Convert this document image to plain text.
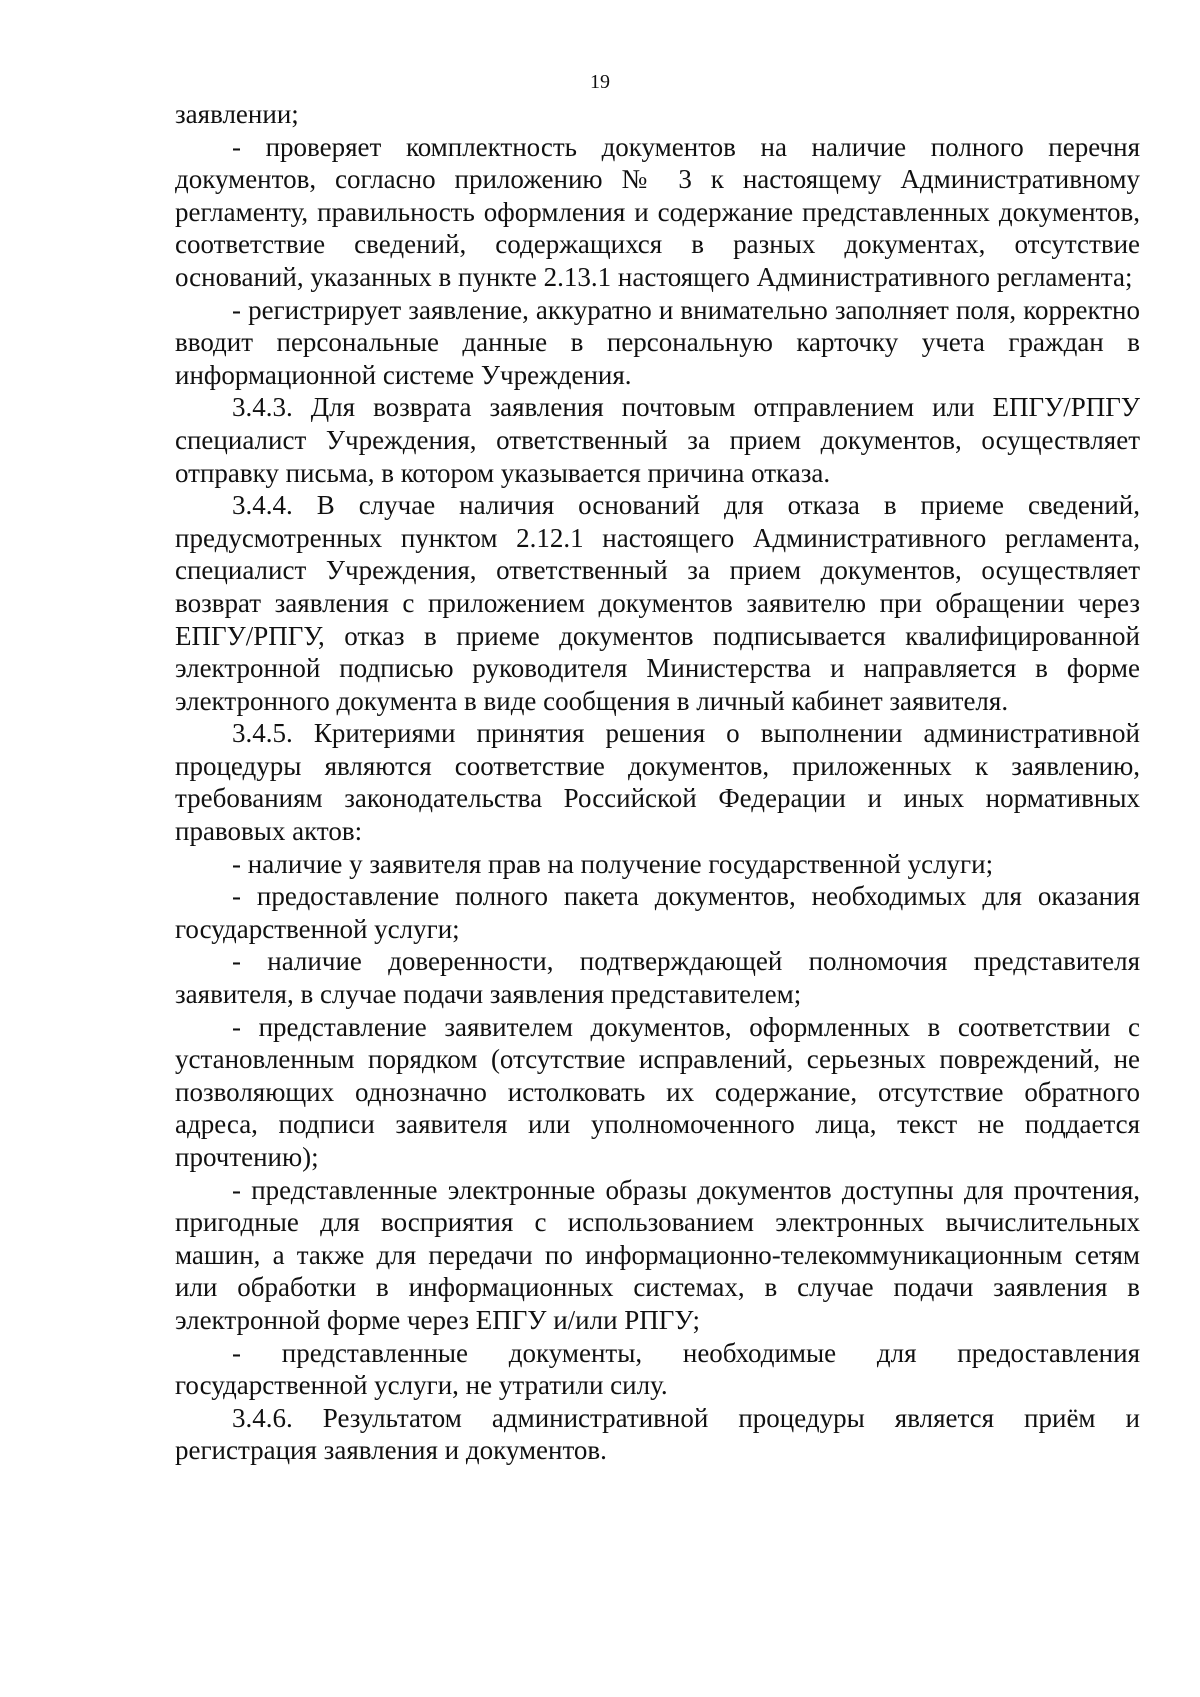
19

заявлении;

- проверяет комплектность документов на наличие полного перечня документов, согласно приложению № 3 к настоящему Административному регламенту, правильность оформления и содержание представленных документов, соответствие сведений, содержащихся в разных документах, отсутствие оснований, указанных в пункте 2.13.1 настоящего Административного регламента;

- регистрирует заявление, аккуратно и внимательно заполняет поля, корректно вводит персональные данные в персональную карточку учета граждан в информационной системе Учреждения.

3.4.3. Для возврата заявления почтовым отправлением или ЕПГУ/РПГУ специалист Учреждения, ответственный за прием документов, осуществляет отправку письма, в котором указывается причина отказа.

3.4.4. В случае наличия оснований для отказа в приеме сведений, предусмотренных пунктом 2.12.1 настоящего Административного регламента, специалист Учреждения, ответственный за прием документов, осуществляет возврат заявления с приложением документов заявителю при обращении через ЕПГУ/РПГУ, отказ в приеме документов подписывается квалифицированной электронной подписью руководителя Министерства и направляется в форме электронного документа в виде сообщения в личный кабинет заявителя.

3.4.5. Критериями принятия решения о выполнении административной процедуры являются соответствие документов, приложенных к заявлению, требованиям законодательства Российской Федерации и иных нормативных правовых актов:

- наличие у заявителя прав на получение государственной услуги;

- предоставление полного пакета документов, необходимых для оказания государственной услуги;

- наличие доверенности, подтверждающей полномочия представителя заявителя, в случае подачи заявления представителем;

- представление заявителем документов, оформленных в соответствии с установленным порядком (отсутствие исправлений, серьезных повреждений, не позволяющих однозначно истолковать их содержание, отсутствие обратного адреса, подписи заявителя или уполномоченного лица, текст не поддается прочтению);

- представленные электронные образы документов доступны для прочтения, пригодные для восприятия с использованием электронных вычислительных машин, а также для передачи по информационно-телекоммуникационным сетям или обработки в информационных системах, в случае подачи заявления в электронной форме через ЕПГУ и/или РПГУ;

- представленные документы, необходимые для предоставления государственной услуги, не утратили силу.

3.4.6. Результатом административной процедуры является приём и регистрация заявления и документов.
